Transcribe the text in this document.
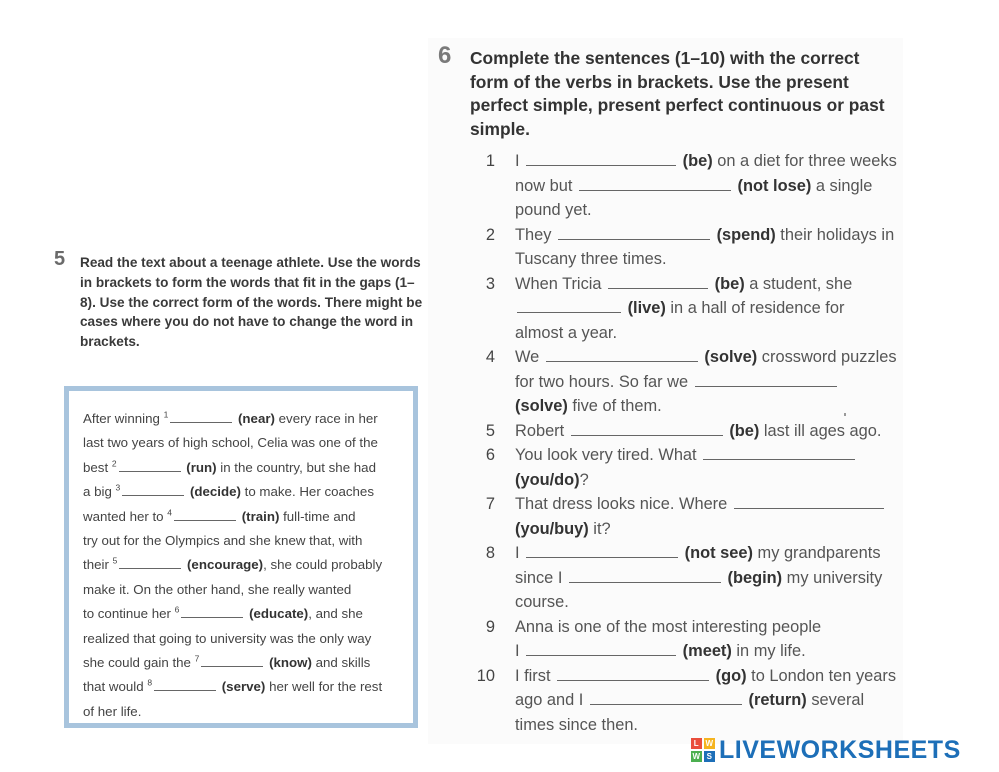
6 Complete the sentences (1–10) with the correct form of the verbs in brackets. Use the present perfect simple, present perfect continuous or past simple.
1 I	(be) on a diet for three weeks
now but	(not lose) a single
pound yet.
2 They	(spend) their holidays in
Tuscany three times.
3 When Tricia	(be) a student, she
(live) in a hall of residence for
almost a year.
4 We	(solve) crossword puzzles
for two hours. So far we
(solve) five of them.
5 Robert	(be) last ill ages ago.
6 You look very tired. What
(you/do)?
7 That dress looks nice. Where
(you/buy) it?
8 I	(not see) my grandparents
since I	(begin) my university
course.
9 Anna is one of the most interesting people
I	(meet) in my life.
10 I first	(go) to London ten years
ago and I	(return) several
times since then.
5 Read the text about a teenage athlete. Use the words in brackets to form the words that fit in the gaps (1–8). Use the correct form of the words. There might be cases where you do not have to change the word in brackets.
After winning $^1$	(near) every race in her
last two years of high school, Celia was one of the
best $^2$	(run) in the country, but she had
a big $^3$	(decide) to make. Her coaches
wanted her to $^4$	(train) full-time and
try out for the Olympics and she knew that, with
their $^5$	(encourage), she could probably
make it. On the other hand, she really wanted
to continue her $^6$	(educate), and she
realized that going to university was the only way
she could gain the $^7$	(know) and skills
that would $^8$	(serve) her well for the rest
of her life.
L W
W S LIVEWORKSHEETS
